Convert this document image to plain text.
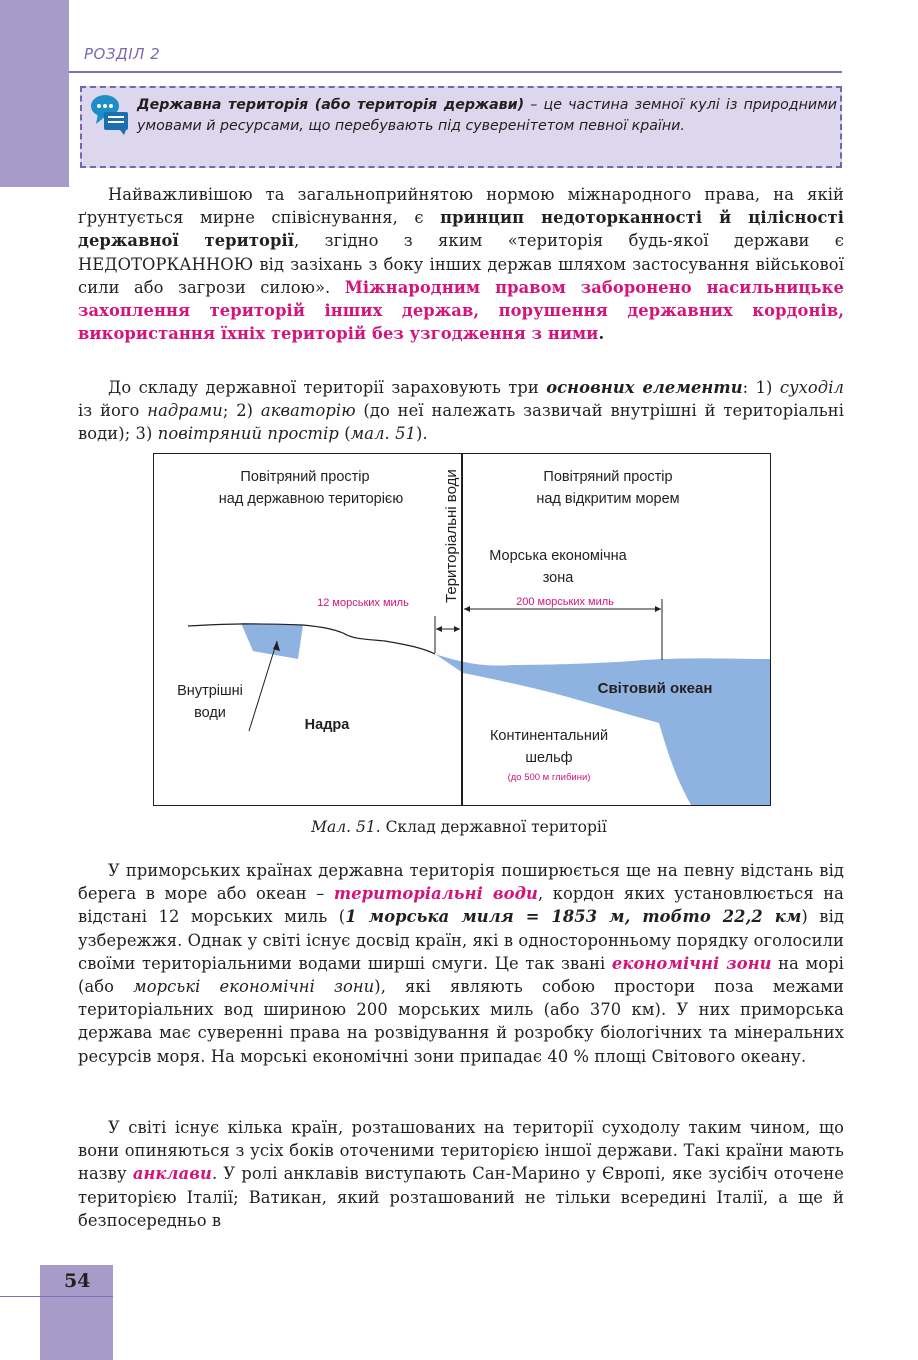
РОЗДІЛ 2
Державна територія (або територія держави) – це частина земної кулі із природними умовами й ресурсами, що перебувають під суверенітетом певної країни.
Найважливішою та загальноприйнятою нормою міжнародного права, на якій ґрунтується мирне співіснування, є принцип недоторканності й цілісності державної території, згідно з яким «територія будь-якої держави є НЕДОТОРКАННОЮ від зазіхань з боку інших держав шляхом застосування військової сили або загрози силою». Міжнародним правом заборонено насильницьке захоплення територій інших держав, порушення державних кордонів, використання їхніх територій без узгодження з ними.
До складу державної території зараховують три основних елементи: 1) суходіл із його надрами; 2) акваторію (до неї належать зазвичай внутрішні й територіальні води); 3) повітряний простір (мал. 51).
Повітряний простір
над державною територією	Територіальні води	Повітряний простір
над відкритим морем
Морська економічна
зона
12 морських миль	200 морських миль
Внутрішні
води
Надра
Світовий океан
Континентальний
шельф
(до 500 м глибини)
Мал. 51. Склад державної території
У приморських країнах державна територія поширюється ще на певну відстань від берега в море або океан – територіальні води, кордон яких установлюється на відстані 12 морських миль (1 морська миля = 1853 м, тобто 22,2 км) від узбережжя. Однак у світі існує досвід країн, які в односторонньому порядку оголосили своїми територіальними водами ширші смуги. Це так звані економічні зони на морі (або морські економічні зони), які являють собою простори поза межами територіальних вод шириною 200 морських миль (або 370 км). У них приморська держава має суверенні права на розвідування й розробку біологічних та мінеральних ресурсів моря. На морські економічні зони припадає 40 % площі Світового океану.
У світі існує кілька країн, розташованих на території суходолу таким чином, що вони опиняються з усіх боків оточеними територією іншої держави. Такі країни мають назву анклави. У ролі анклавів виступають Сан-Марино у Європі, яке зусібіч оточене територією Італії; Ватикан, який розташований не тільки всередині Італії, а ще й безпосередньо в
54
